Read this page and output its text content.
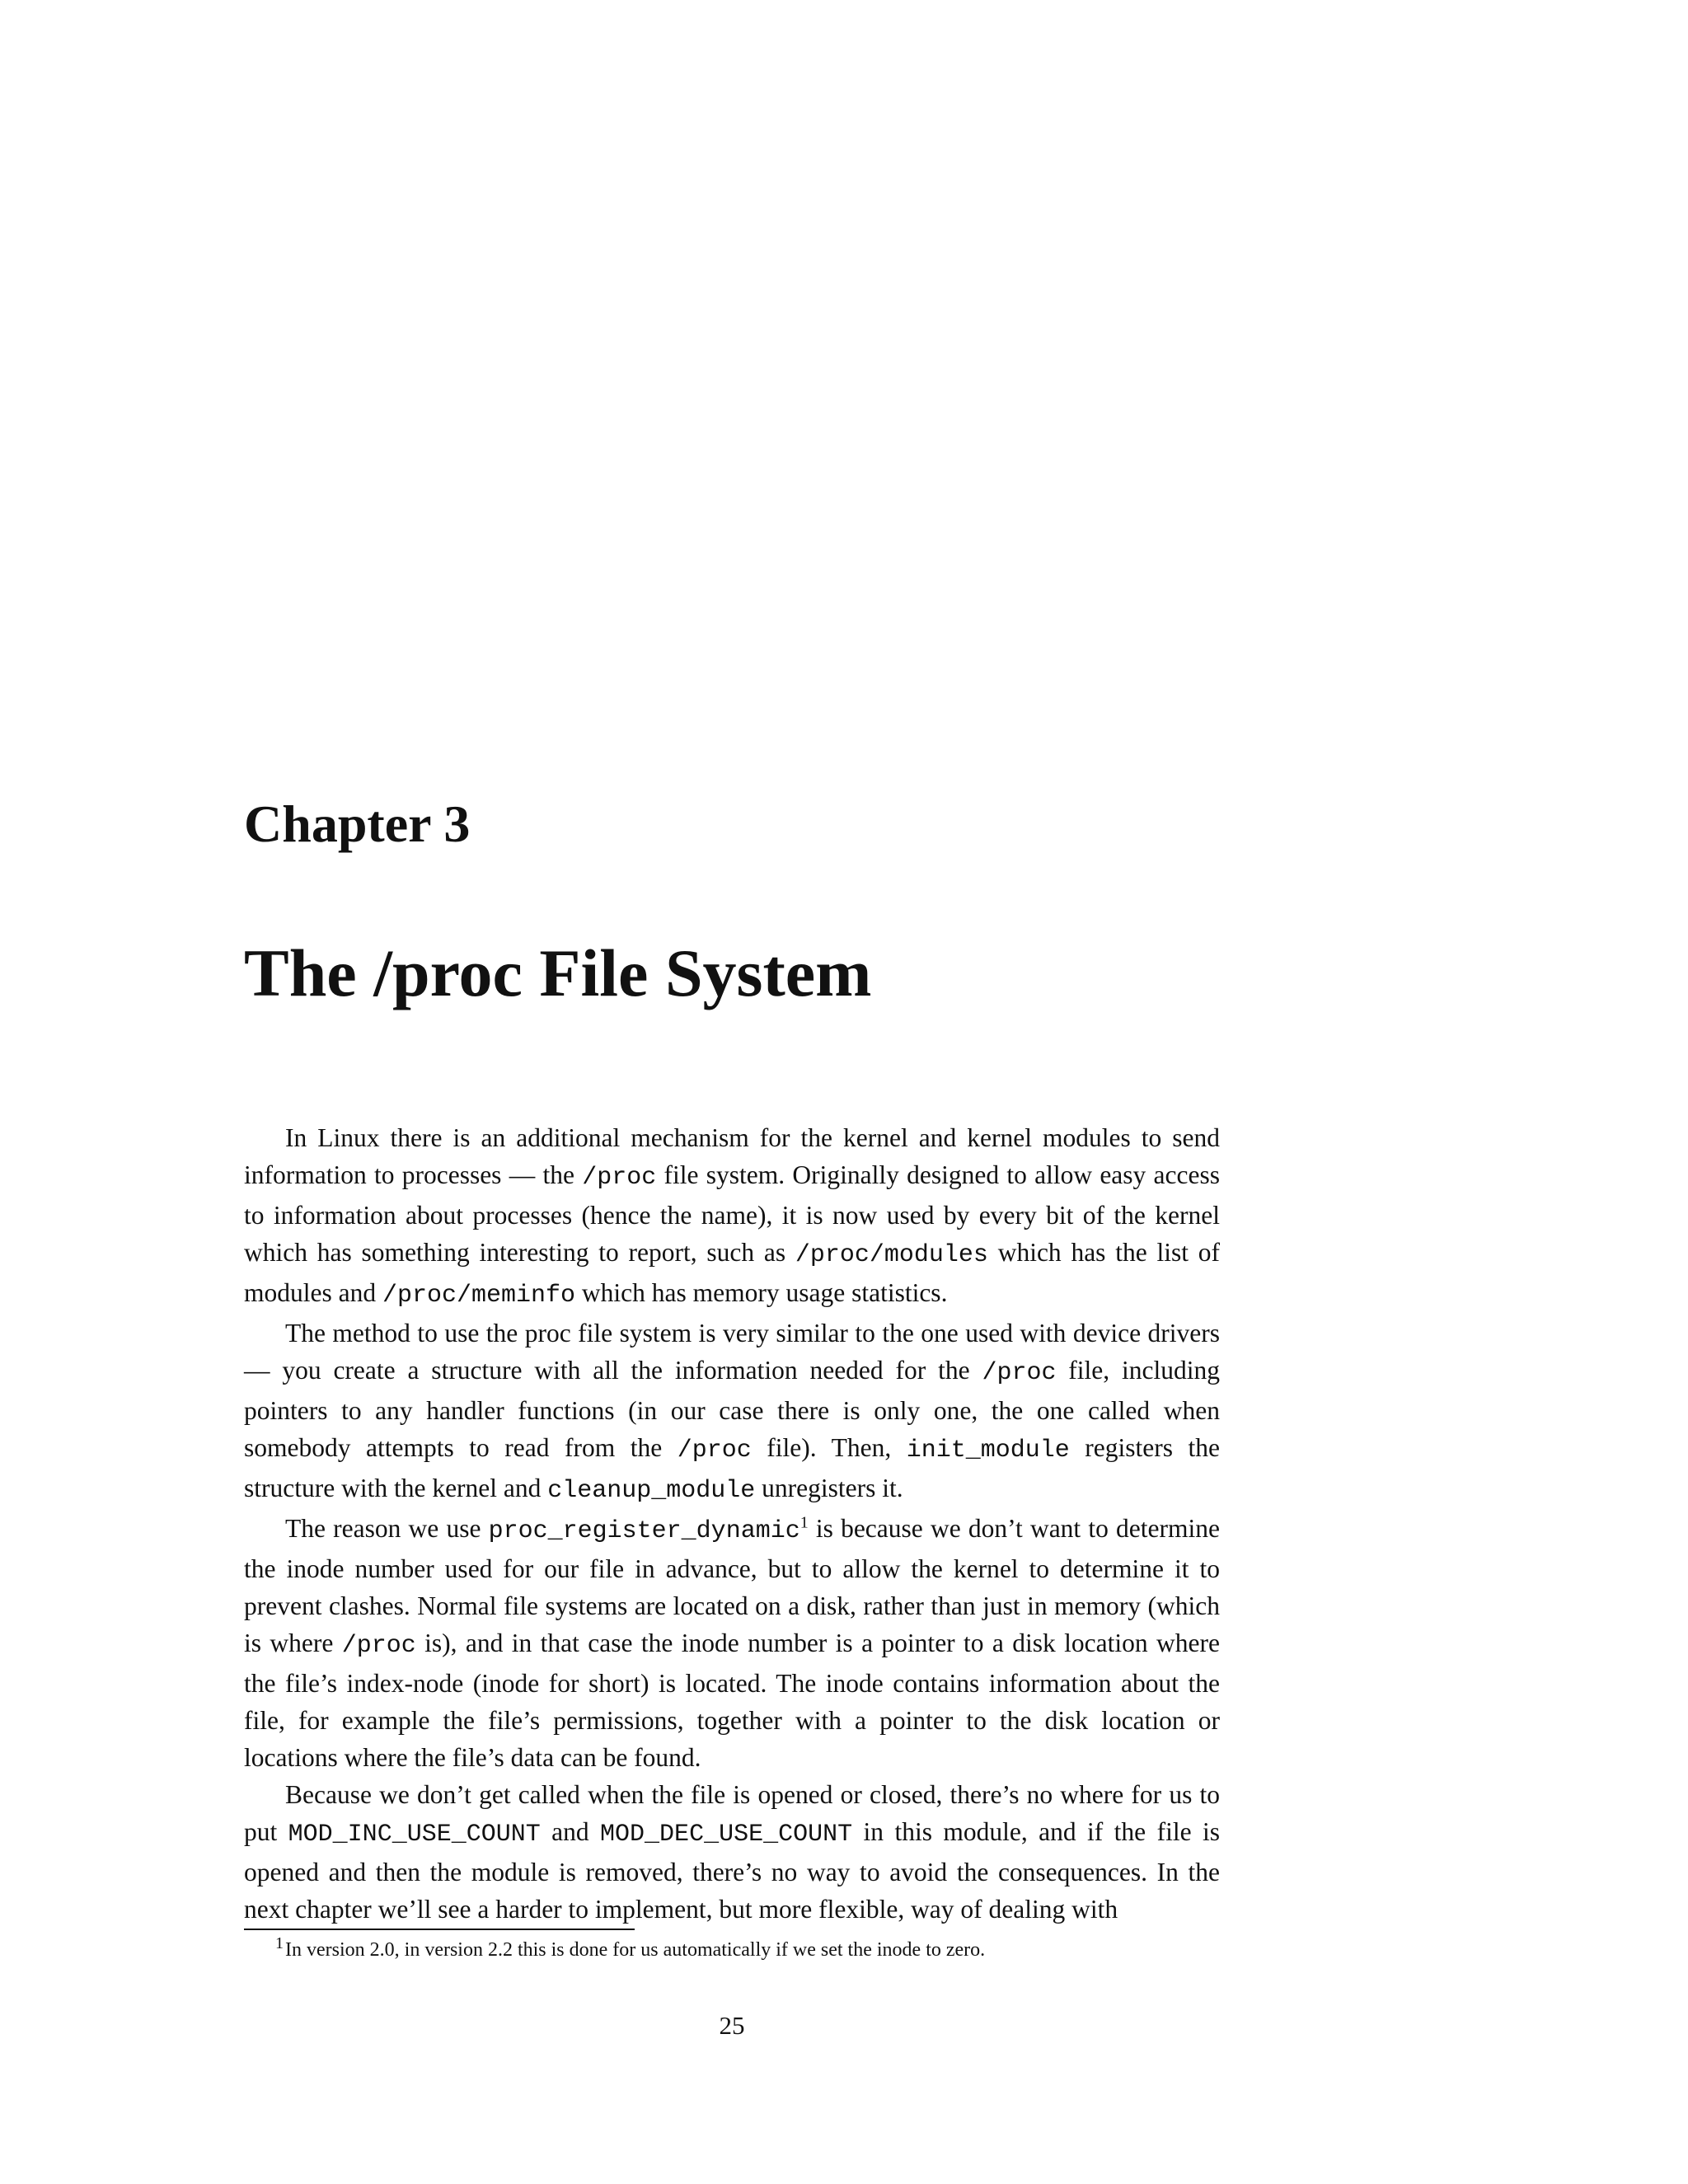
Chapter 3
The /proc File System

In Linux there is an additional mechanism for the kernel and kernel modules to send information to processes — the /proc file system. Originally designed to allow easy access to information about processes (hence the name), it is now used by every bit of the kernel which has something interesting to report, such as /proc/modules which has the list of modules and /proc/meminfo which has memory usage statistics.

The method to use the proc file system is very similar to the one used with device drivers — you create a structure with all the information needed for the /proc file, including pointers to any handler functions (in our case there is only one, the one called when somebody attempts to read from the /proc file). Then, init_module registers the structure with the kernel and cleanup_module unregisters it.

The reason we use proc_register_dynamic$^1$ is because we don’t want to determine the inode number used for our file in advance, but to allow the kernel to determine it to prevent clashes. Normal file systems are located on a disk, rather than just in memory (which is where /proc is), and in that case the inode number is a pointer to a disk location where the file’s index-node (inode for short) is located. The inode contains information about the file, for example the file’s permissions, together with a pointer to the disk location or locations where the file’s data can be found.

Because we don’t get called when the file is opened or closed, there’s no where for us to put MOD_INC_USE_COUNT and MOD_DEC_USE_COUNT in this module, and if the file is opened and then the module is removed, there’s no way to avoid the consequences. In the next chapter we’ll see a harder to implement, but more flexible, way of dealing with

$^1$In version 2.0, in version 2.2 this is done for us automatically if we set the inode to zero.
25
